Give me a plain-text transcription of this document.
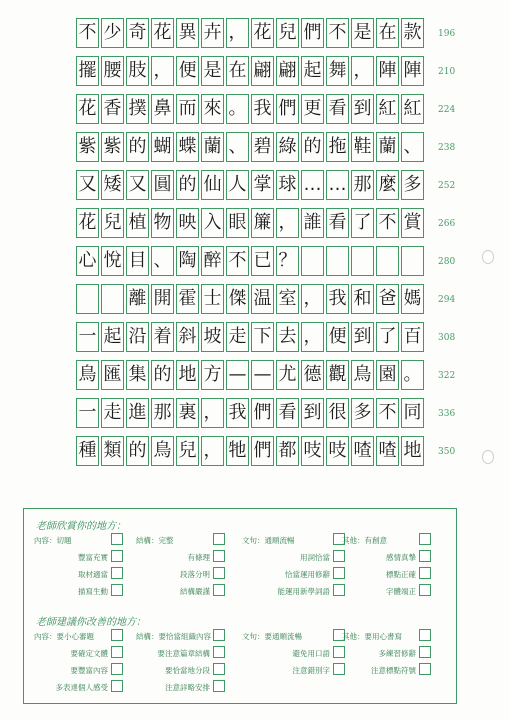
不 少 奇 花 異 卉 ， 花 兒 們 不 是 在 款
擺 腰 肢 ， 便 是 在 翩 翩 起 舞 ， 陣 陣
花 香 撲 鼻 而 來 。 我 們 更 看 到 紅 紅
紫 紫 的 蝴 蝶 蘭 、 碧 綠 的 拖 鞋 蘭 、
又 矮 又 圓 的 仙 人 掌 球 … … 那 麼 多
花 兒 植 物 映 入 眼 簾 ， 誰 看 了 不 賞
心 悅 目 、 陶 醉 不 已 ？
離 開 霍 士 傑 温 室 ， 我 和 爸 媽
一 起 沿 着 斜 坡 走 下 去 ， 便 到 了 百
鳥 匯 集 的 地 方 — — 尤 德 觀 鳥 園 。
一 走 進 那 裏 ， 我 們 看 到 很 多 不 同
種 類 的 鳥 兒 ， 牠 們 都 吱 吱 喳 喳 地
老師欣賞你的地方：
內容：切題
豐富充實
取材適當
描寫生動
結構：完整
有條理
段落分明
結構嚴謹
文句：通順流暢
用詞恰當
恰當運用修辭
能運用新學詞語
其他：有創意
感情真摯
標點正確
字體端正
老師建議你改善的地方：
內容：要小心審題
要確定文體
要豐富內容
多表達個人感受
結構：要恰當組織內容
要注意篇章結構
要恰當地分段
注意詳略安排
文句：要通順流暢
避免用口語
注意錯別字
其他：要用心書寫
多練習修辭
注意標點符號
196
210
224
238
252
266
280
294
308
322
336
350
